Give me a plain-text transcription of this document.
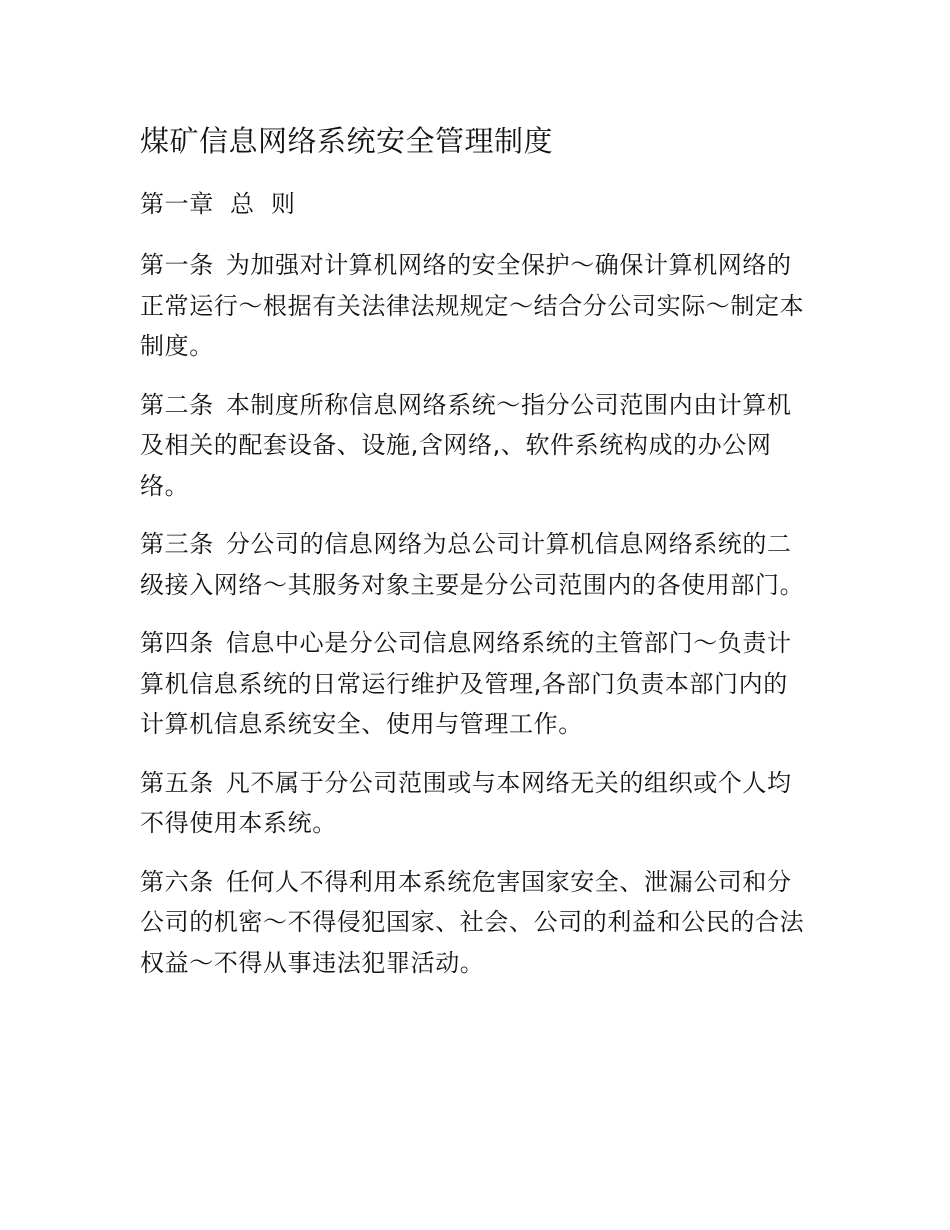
煤矿信息网络系统安全管理制度
第一章 总 则

第一条 为加强对计算机网络的安全保护～确保计算机网络的正常运行～根据有关法律法规规定～结合分公司实际～制定本制度。

第二条 本制度所称信息网络系统～指分公司范围内由计算机及相关的配套设备、设施,含网络,、软件系统构成的办公网络。

第三条 分公司的信息网络为总公司计算机信息网络系统的二级接入网络～其服务对象主要是分公司范围内的各使用部门。

第四条 信息中心是分公司信息网络系统的主管部门～负责计算机信息系统的日常运行维护及管理,各部门负责本部门内的计算机信息系统安全、使用与管理工作。

第五条 凡不属于分公司范围或与本网络无关的组织或个人均不得使用本系统。

第六条 任何人不得利用本系统危害国家安全、泄漏公司和分公司的机密～不得侵犯国家、社会、公司的利益和公民的合法权益～不得从事违法犯罪活动。
